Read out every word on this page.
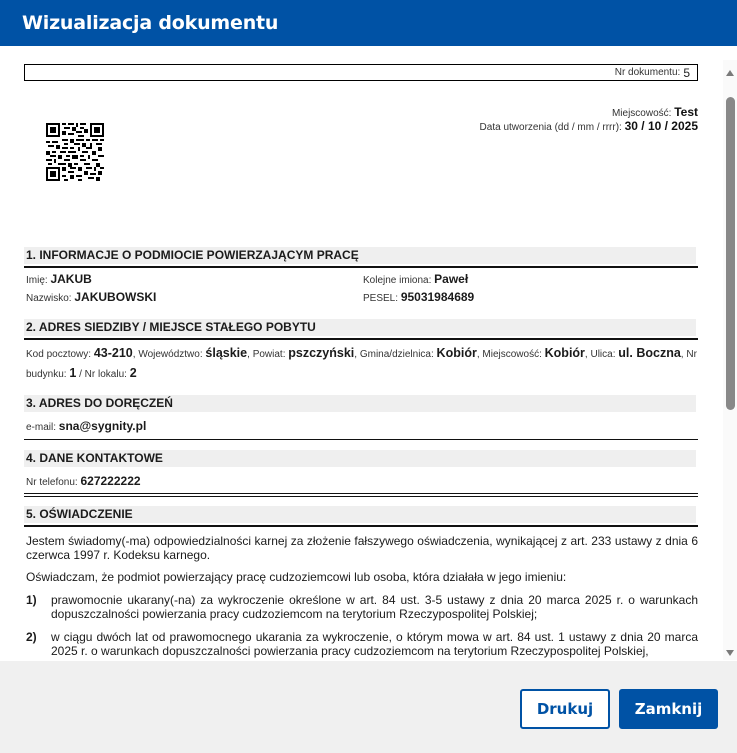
Wizualizacja dokumentu
Nr dokumentu: 5
Miejscowość: Test
Data utworzenia (dd / mm / rrrr): 30 / 10 / 2025
1. INFORMACJE O PODMIOCIE POWIERZAJĄCYM PRACĘ
Imię: JAKUB	Kolejne imiona: Paweł
Nazwisko: JAKUBOWSKI	PESEL: 95031984689
2. ADRES SIEDZIBY / MIEJSCE STAŁEGO POBYTU
Kod pocztowy: 43-210, Województwo: śląskie, Powiat: pszczyński, Gmina/dzielnica: Kobiór, Miejscowość: Kobiór, Ulica: ul. Boczna, Nr budynku: 1 / Nr lokalu: 2
3. ADRES DO DORĘCZEŃ
e-mail: sna@sygnity.pl
4. DANE KONTAKTOWE
Nr telefonu: 627222222
5. OŚWIADCZENIE

Jestem świadomy(-ma) odpowiedzialności karnej za złożenie fałszywego oświadczenia, wynikającej z art. 233 ustawy z dnia 6 czerwca 1997 r. Kodeksu karnego.

Oświadczam, że podmiot powierzający pracę cudzoziemcowi lub osoba, która działała w jego imieniu:

1)	prawomocnie ukarany(-na) za wykroczenie określone w art. 84 ust. 3-5 ustawy z dnia 20 marca 2025 r. o warunkach dopuszczalności powierzania pracy cudzoziemcom na terytorium Rzeczypospolitej Polskiej;
2)	w ciągu dwóch lat od prawomocnego ukarania za wykroczenie, o którym mowa w art. 84 ust. 1 ustawy z dnia 20 marca 2025 r. o warunkach dopuszczalności powierzania pracy cudzoziemcom na terytorium Rzeczypospolitej Polskiej,
Drukuj	Zamknij
